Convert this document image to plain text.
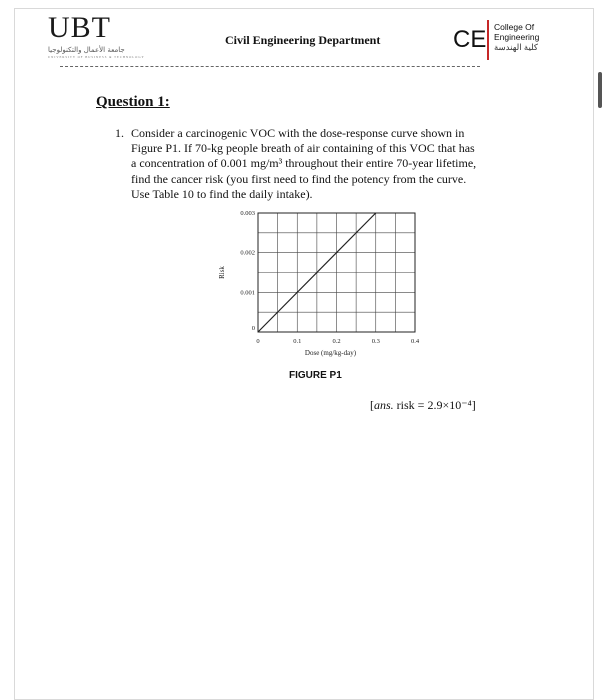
UBT
جامعة الأعمال والتكنولوجيا
UNIVERSITY OF BUSINESS & TECHNOLOGY
Civil Engineering Department	CE College Of
Engineering
كلية الهندسة
Question 1:
1. Consider a carcinogenic VOC with the dose-response curve shown in
Figure P1. If 70-kg people breath of air containing of this VOC that has
a concentration of 0.001 mg/m³ throughout their entire 70-year lifetime,
find the cancer risk (you first need to find the potency from the curve.
Use Table 10 to find the daily intake).
0	0.1	0.2	0.3	0.4
0
0.001
0.002
0.003
Dose (mg/kg-day)
Risk
FIGURE P1
[ans. risk = 2.9×10⁻⁴]
